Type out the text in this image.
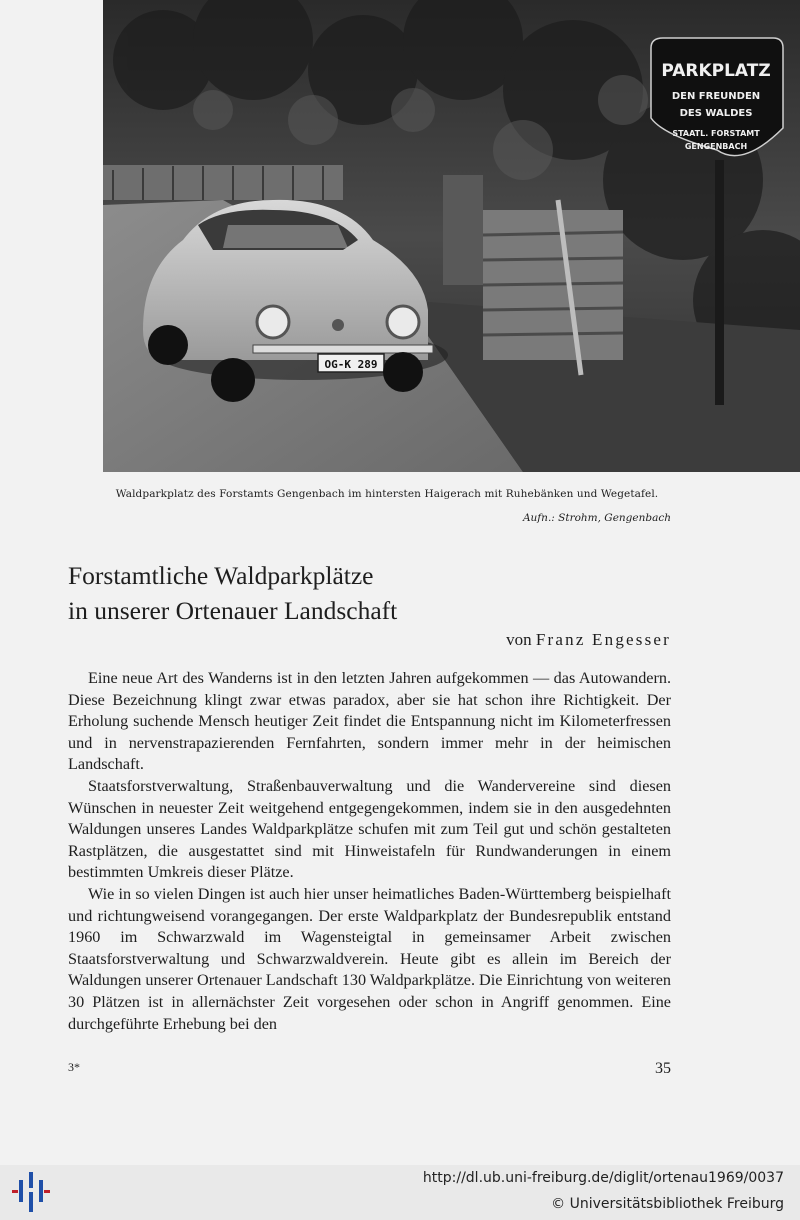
OG-K 289
PARKPLATZ
DEN FREUNDEN
DES WALDES
STAATL. FORSTAMT
GENGENBACH
Waldparkplatz des Forstamts Gengenbach im hintersten Haigerach mit Ruhebänken und Wegetafel.
Aufn.: Strohm, Gengenbach
Forstamtliche Waldparkplätze
in unserer Ortenauer Landschaft
von Franz Engesser

Eine neue Art des Wanderns ist in den letzten Jahren aufgekommen — das Autowandern. Diese Bezeichnung klingt zwar etwas paradox, aber sie hat schon ihre Richtigkeit. Der Erholung suchende Mensch heutiger Zeit findet die Entspannung nicht im Kilometerfressen und in nervenstrapazierenden Fernfahrten, sondern immer mehr in der heimischen Landschaft.

Staatsforstverwaltung, Straßenbauverwaltung und die Wandervereine sind diesen Wünschen in neuester Zeit weitgehend entgegengekommen, indem sie in den ausgedehnten Waldungen unseres Landes Waldparkplätze schufen mit zum Teil gut und schön gestalteten Rastplätzen, die ausgestattet sind mit Hinweistafeln für Rundwanderungen in einem bestimmten Umkreis dieser Plätze.

Wie in so vielen Dingen ist auch hier unser heimatliches Baden-Württemberg beispielhaft und richtungweisend vorangegangen. Der erste Waldparkplatz der Bundesrepublik entstand 1960 im Schwarzwald im Wagensteigtal in gemeinsamer Arbeit zwischen Staatsforstverwaltung und Schwarzwaldverein. Heute gibt es allein im Bereich der Waldungen unserer Ortenauer Landschaft 130 Waldparkplätze. Die Einrichtung von weiteren 30 Plätzen ist in allernächster Zeit vorgesehen oder schon in Angriff genommen. Eine durchgeführte Erhebung bei den

3*	35
http://dl.ub.uni-freiburg.de/diglit/ortenau1969/0037
© Universitätsbibliothek Freiburg
